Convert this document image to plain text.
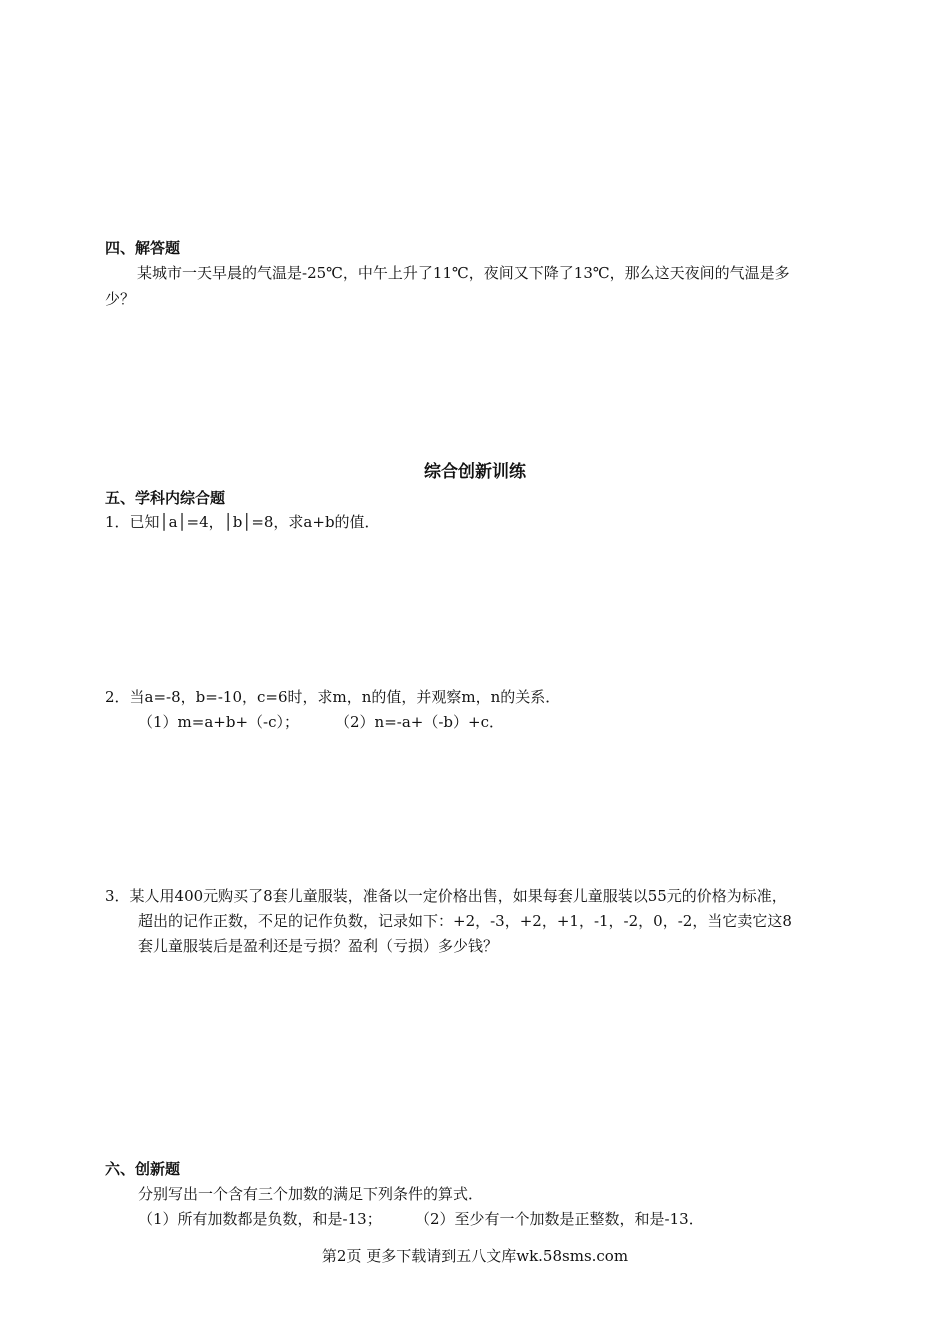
四、解答题
某城市一天早晨的气温是-25℃，中午上升了11℃，夜间又下降了13℃，那么这天夜间的气温是多
少？
综合创新训练
五、学科内综合题
1．已知│a│=4，│b│=8，求a+b的值．
2．当a=-8，b=-10，c=6时，求m，n的值，并观察m，n的关系．
（1）m=a+b+（-c）； （2）n=-a+（-b）+c．
3．某人用400元购买了8套儿童服装，准备以一定价格出售，如果每套儿童服装以55元的价格为标准，
超出的记作正数，不足的记作负数，记录如下：+2，-3，+2，+1，-1，-2，0，-2，当它卖它这8
套儿童服装后是盈利还是亏损？盈利（亏损）多少钱？
六、创新题
分别写出一个含有三个加数的满足下列条件的算式．
（1）所有加数都是负数，和是-13； （2）至少有一个加数是正整数，和是-13．
第2页 更多下载请到五八文库wk.58sms.com
